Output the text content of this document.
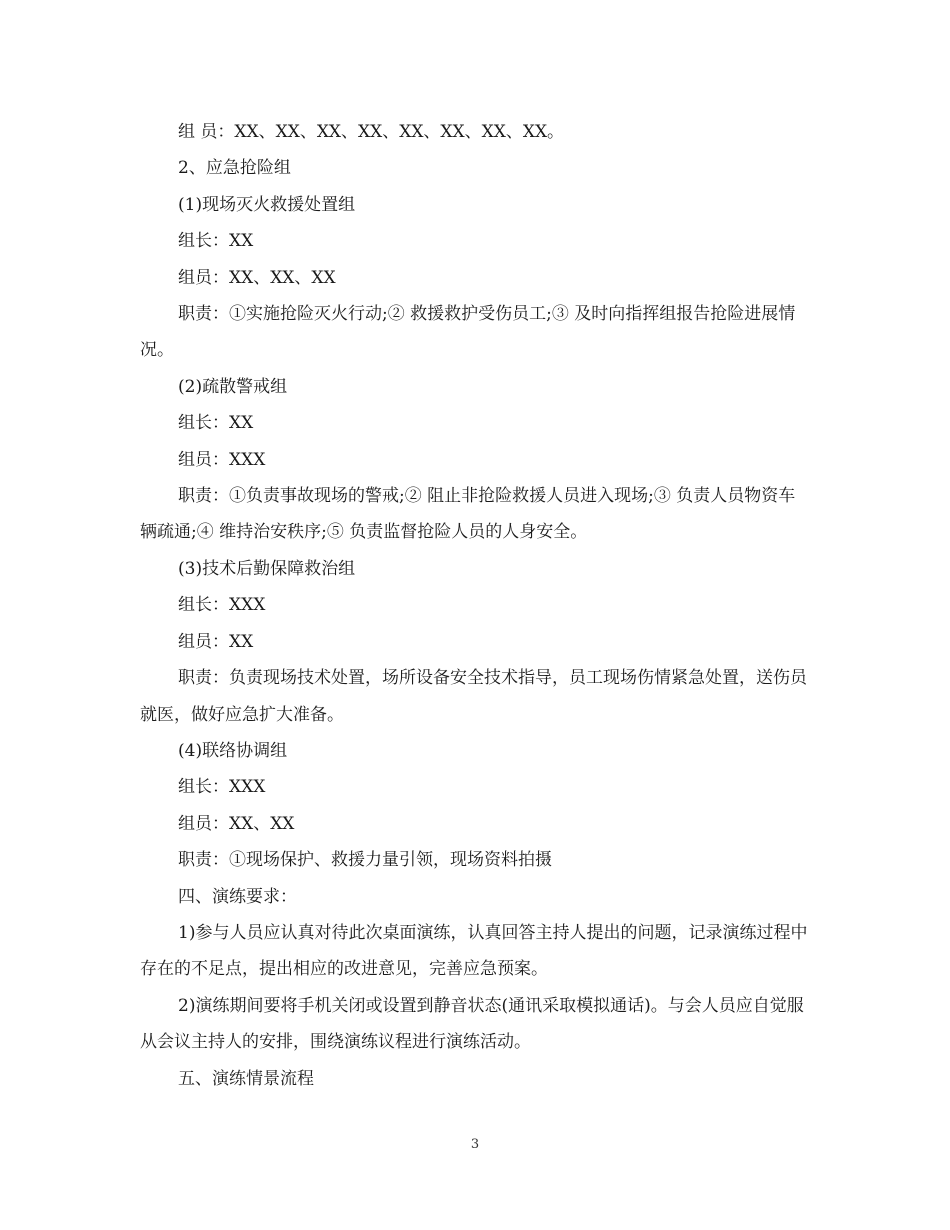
组 员：XX、XX、XX、XX、XX、XX、XX、XX。

2、应急抢险组

(1)现场灭火救援处置组

组长：XX

组员：XX、XX、XX

职责：①实施抢险灭火行动;② 救援救护受伤员工;③ 及时向指挥组报告抢险进展情况。

(2)疏散警戒组

组长：XX

组员：XXX

职责：①负责事故现场的警戒;② 阻止非抢险救援人员进入现场;③ 负责人员物资车辆疏通;④ 维持治安秩序;⑤ 负责监督抢险人员的人身安全。

(3)技术后勤保障救治组

组长：XXX

组员：XX

职责：负责现场技术处置，场所设备安全技术指导，员工现场伤情紧急处置，送伤员就医，做好应急扩大准备。

(4)联络协调组

组长：XXX

组员：XX、XX

职责：①现场保护、救援力量引领，现场资料拍摄

四、演练要求：

1)参与人员应认真对待此次桌面演练，认真回答主持人提出的问题，记录演练过程中存在的不足点，提出相应的改进意见，完善应急预案。

2)演练期间要将手机关闭或设置到静音状态(通讯采取模拟通话)。与会人员应自觉服从会议主持人的安排，围绕演练议程进行演练活动。

五、演练情景流程

3
